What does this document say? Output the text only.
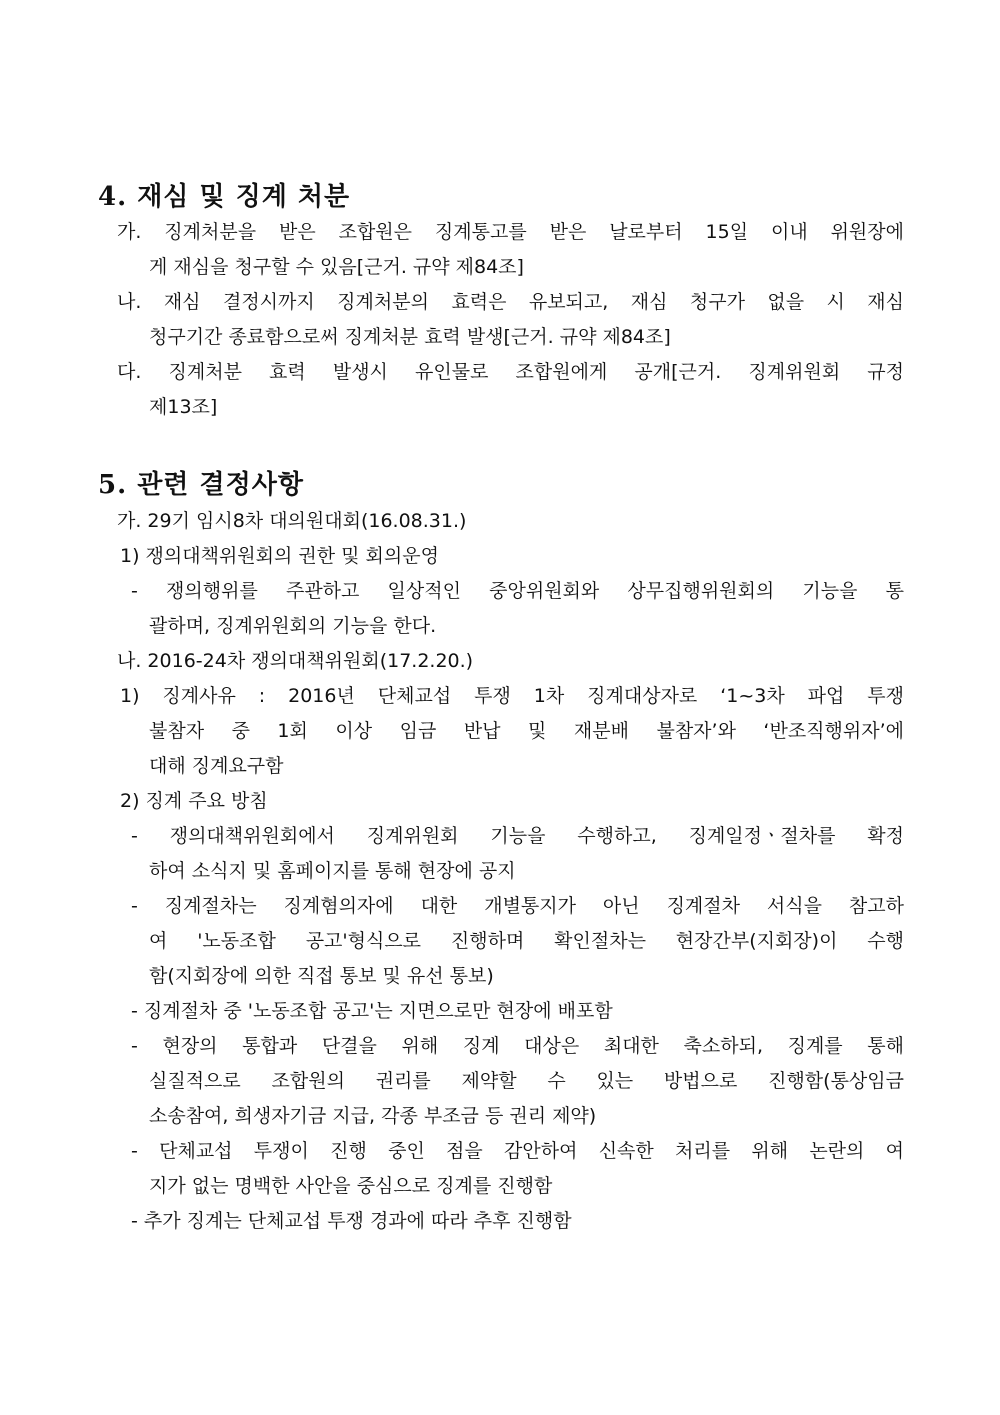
4. 재심 및 징계 처분
가. 징계처분을 받은 조합원은 징계통고를 받은 날로부터 15일 이내 위원장에
게 재심을 청구할 수 있음[근거. 규약 제84조]
나. 재심 결정시까지 징계처분의 효력은 유보되고, 재심 청구가 없을 시 재심
청구기간 종료함으로써 징계처분 효력 발생[근거. 규약 제84조]
다. 징계처분 효력 발생시 유인물로 조합원에게 공개[근거. 징계위원회 규정
제13조]
5. 관련 결정사항
가. 29기 임시8차 대의원대회(16.08.31.)
1) 쟁의대책위원회의 권한 및 회의운영
- 쟁의행위를 주관하고 일상적인 중앙위원회와 상무집행위원회의 기능을 통
괄하며, 징계위원회의 기능을 한다.
나. 2016-24차 쟁의대책위원회(17.2.20.)
1) 징계사유 : 2016년 단체교섭 투쟁 1차 징계대상자로 ‘1~3차 파업 투쟁
불참자 중 1회 이상 임금 반납 및 재분배 불참자’와 ‘반조직행위자’에
대해 징계요구함
2) 징계 주요 방침
- 쟁의대책위원회에서 징계위원회 기능을 수행하고, 징계일정ㆍ절차를 확정
하여 소식지 및 홈페이지를 통해 현장에 공지
- 징계절차는 징계혐의자에 대한 개별통지가 아닌 징계절차 서식을 참고하
여 '노동조합 공고'형식으로 진행하며 확인절차는 현장간부(지회장)이 수행
함(지회장에 의한 직접 통보 및 유선 통보)
- 징계절차 중 '노동조합 공고'는 지면으로만 현장에 배포함
- 현장의 통합과 단결을 위해 징계 대상은 최대한 축소하되, 징계를 통해
실질적으로 조합원의 권리를 제약할 수 있는 방법으로 진행함(통상임금
소송참여, 희생자기금 지급, 각종 부조금 등 권리 제약)
- 단체교섭 투쟁이 진행 중인 점을 감안하여 신속한 처리를 위해 논란의 여
지가 없는 명백한 사안을 중심으로 징계를 진행함
- 추가 징계는 단체교섭 투쟁 경과에 따라 추후 진행함
